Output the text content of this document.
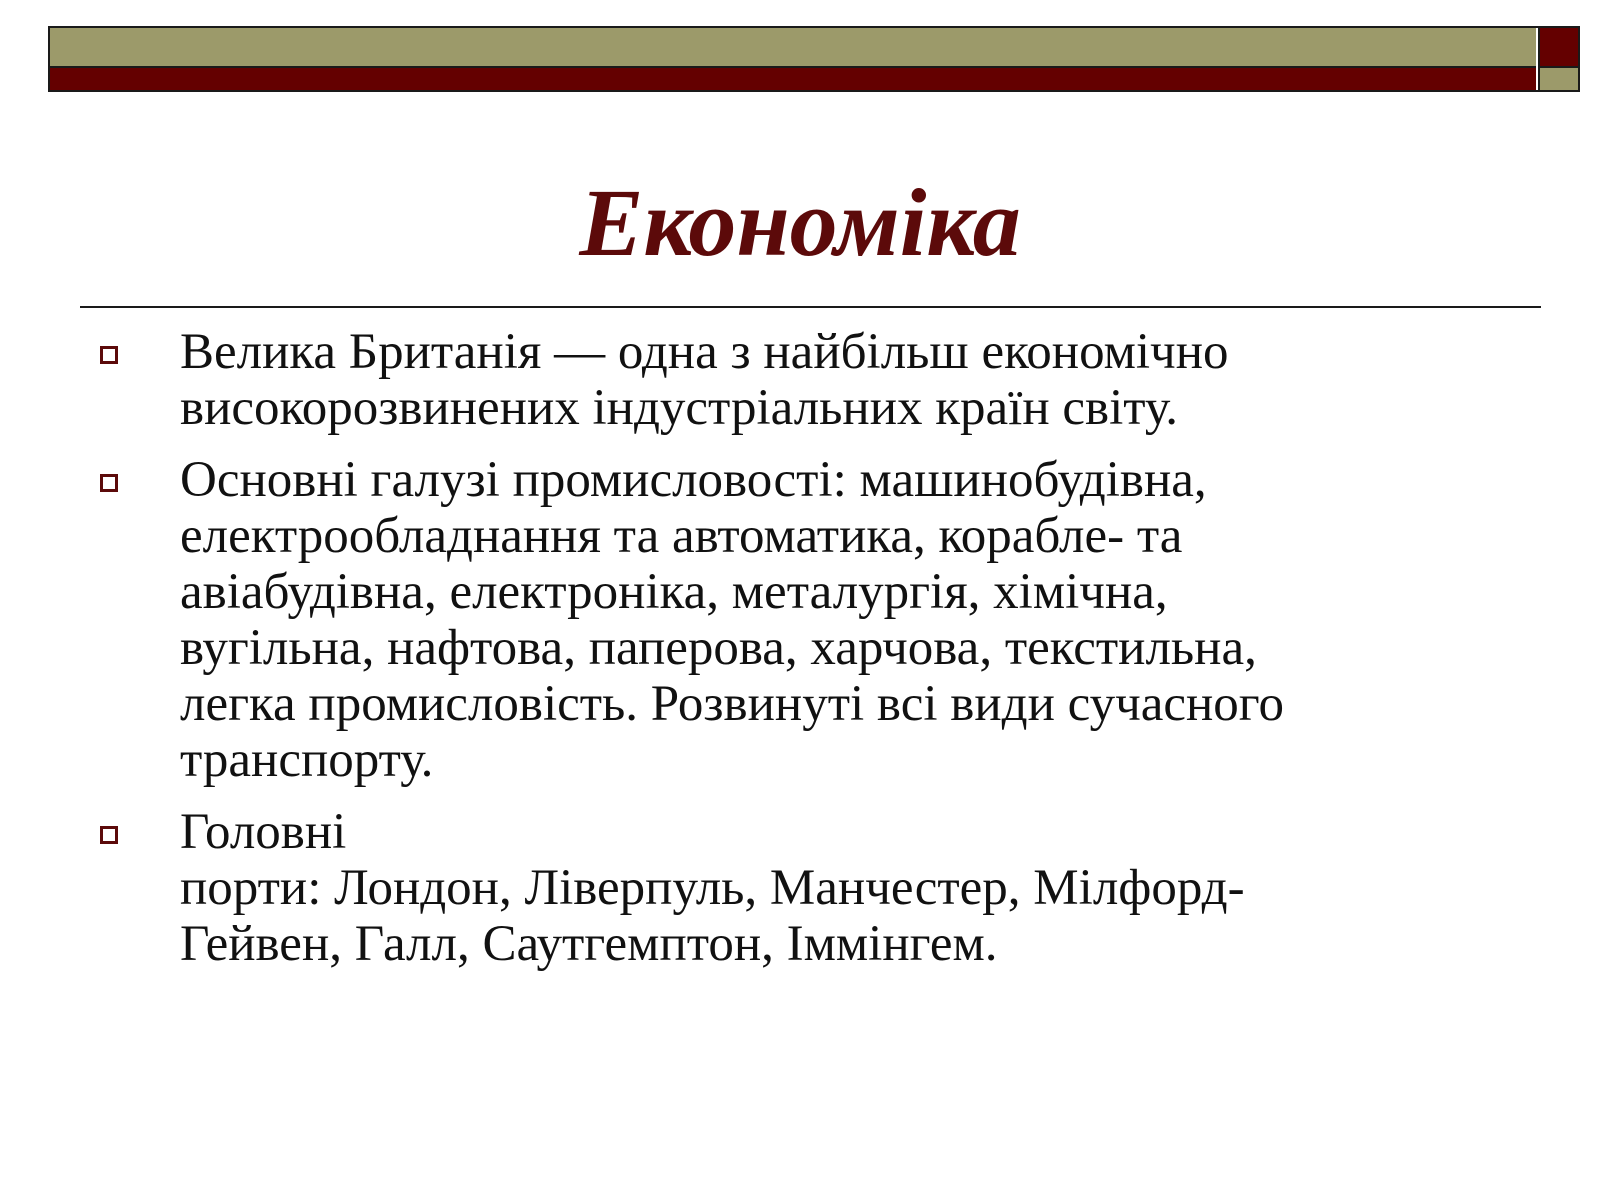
Економіка
Велика Британія — одна з найбільш економічно
високорозвинених індустріальних країн світу.
Основні галузі промисловості: машинобудівна,
електрообладнання та автоматика, корабле- та
авіабудівна, електроніка, металургія, хімічна,
вугільна, нафтова, паперова, харчова, текстильна,
легка промисловість. Розвинуті всі види сучасного
транспорту.
Головні
порти: Лондон, Ліверпуль, Манчестер, Мілфорд-
Гейвен, Галл, Саутгемптон, Іммінгем.
